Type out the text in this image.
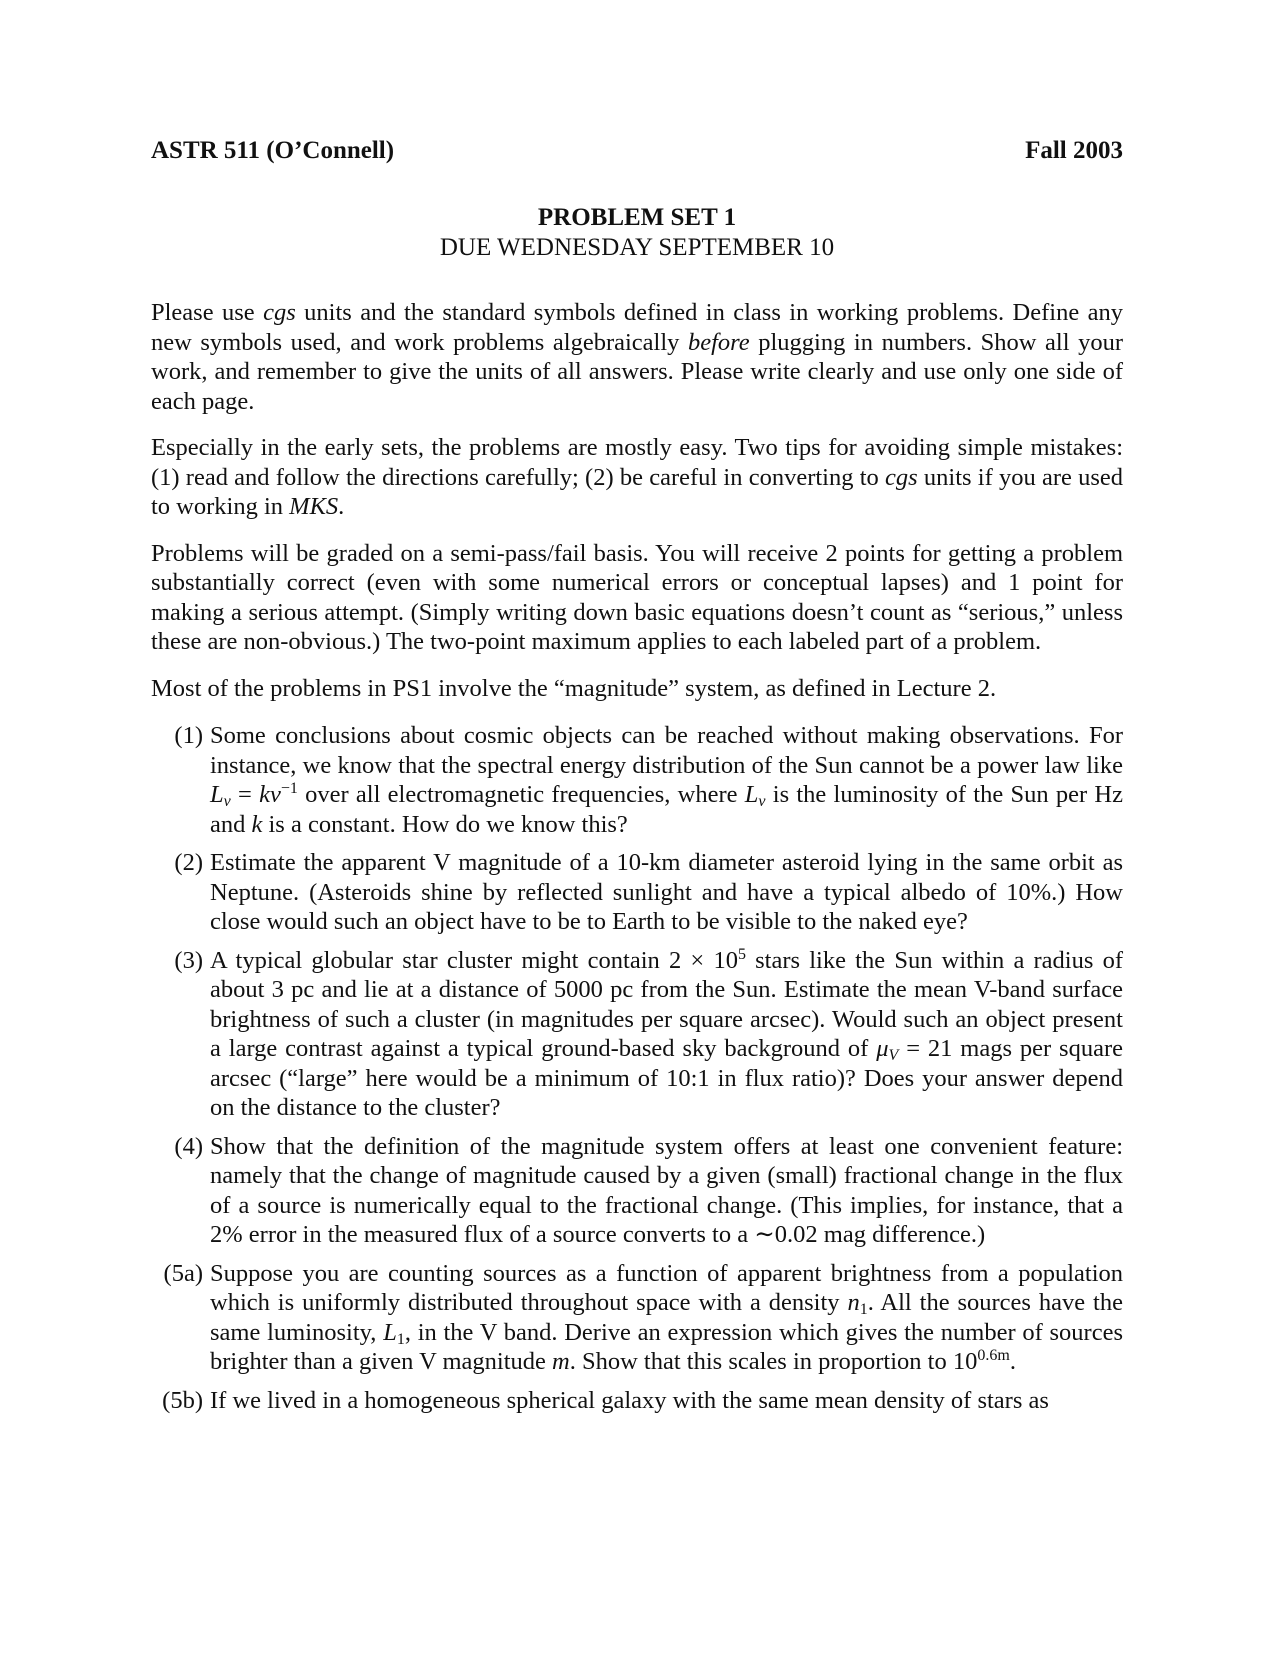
ASTR 511 (O’Connell)	Fall 2003
PROBLEM SET 1
DUE WEDNESDAY SEPTEMBER 10

Please use cgs units and the standard symbols defined in class in working problems. Define any new symbols used, and work problems algebraically before plugging in numbers. Show all your work, and remember to give the units of all answers. Please write clearly and use only one side of each page.

Especially in the early sets, the problems are mostly easy. Two tips for avoiding simple mistakes: (1) read and follow the directions carefully; (2) be careful in converting to cgs units if you are used to working in MKS.

Problems will be graded on a semi-pass/fail basis. You will receive 2 points for getting a problem substantially correct (even with some numerical errors or conceptual lapses) and 1 point for making a serious attempt. (Simply writing down basic equations doesn’t count as “serious,” unless these are non-obvious.) The two-point maximum applies to each labeled part of a problem.

Most of the problems in PS1 involve the “magnitude” system, as defined in Lecture 2.

(1) Some conclusions about cosmic objects can be reached without making observations. For instance, we know that the spectral energy distribution of the Sun cannot be a power law like $L_\nu = k\nu^{-1}$ over all electromagnetic frequencies, where $L_\nu$ is the luminosity of the Sun per Hz and k is a constant. How do we know this?
(2) Estimate the apparent V magnitude of a 10-km diameter asteroid lying in the same orbit as Neptune. (Asteroids shine by reflected sunlight and have a typical albedo of 10%.) How close would such an object have to be to Earth to be visible to the naked eye?
(3) A typical globular star cluster might contain $2 \times 10^5$ stars like the Sun within a radius of about 3 pc and lie at a distance of 5000 pc from the Sun. Estimate the mean V-band surface brightness of such a cluster (in magnitudes per square arcsec). Would such an object present a large contrast against a typical ground-based sky background of $\mu_V = 21$ mags per square arcsec (“large” here would be a minimum of 10:1 in flux ratio)? Does your answer depend on the distance to the cluster?
(4) Show that the definition of the magnitude system offers at least one convenient feature: namely that the change of magnitude caused by a given (small) fractional change in the flux of a source is numerically equal to the fractional change. (This implies, for instance, that a 2% error in the measured flux of a source converts to a ∼0.02 mag difference.)
(5a) Suppose you are counting sources as a function of apparent brightness from a population which is uniformly distributed throughout space with a density $n_1$. All the sources have the same luminosity, $L_1$, in the V band. Derive an expression which gives the number of sources brighter than a given V magnitude m. Show that this scales in proportion to $10^{0.6m}$.
(5b) If we lived in a homogeneous spherical galaxy with the same mean density of stars as
